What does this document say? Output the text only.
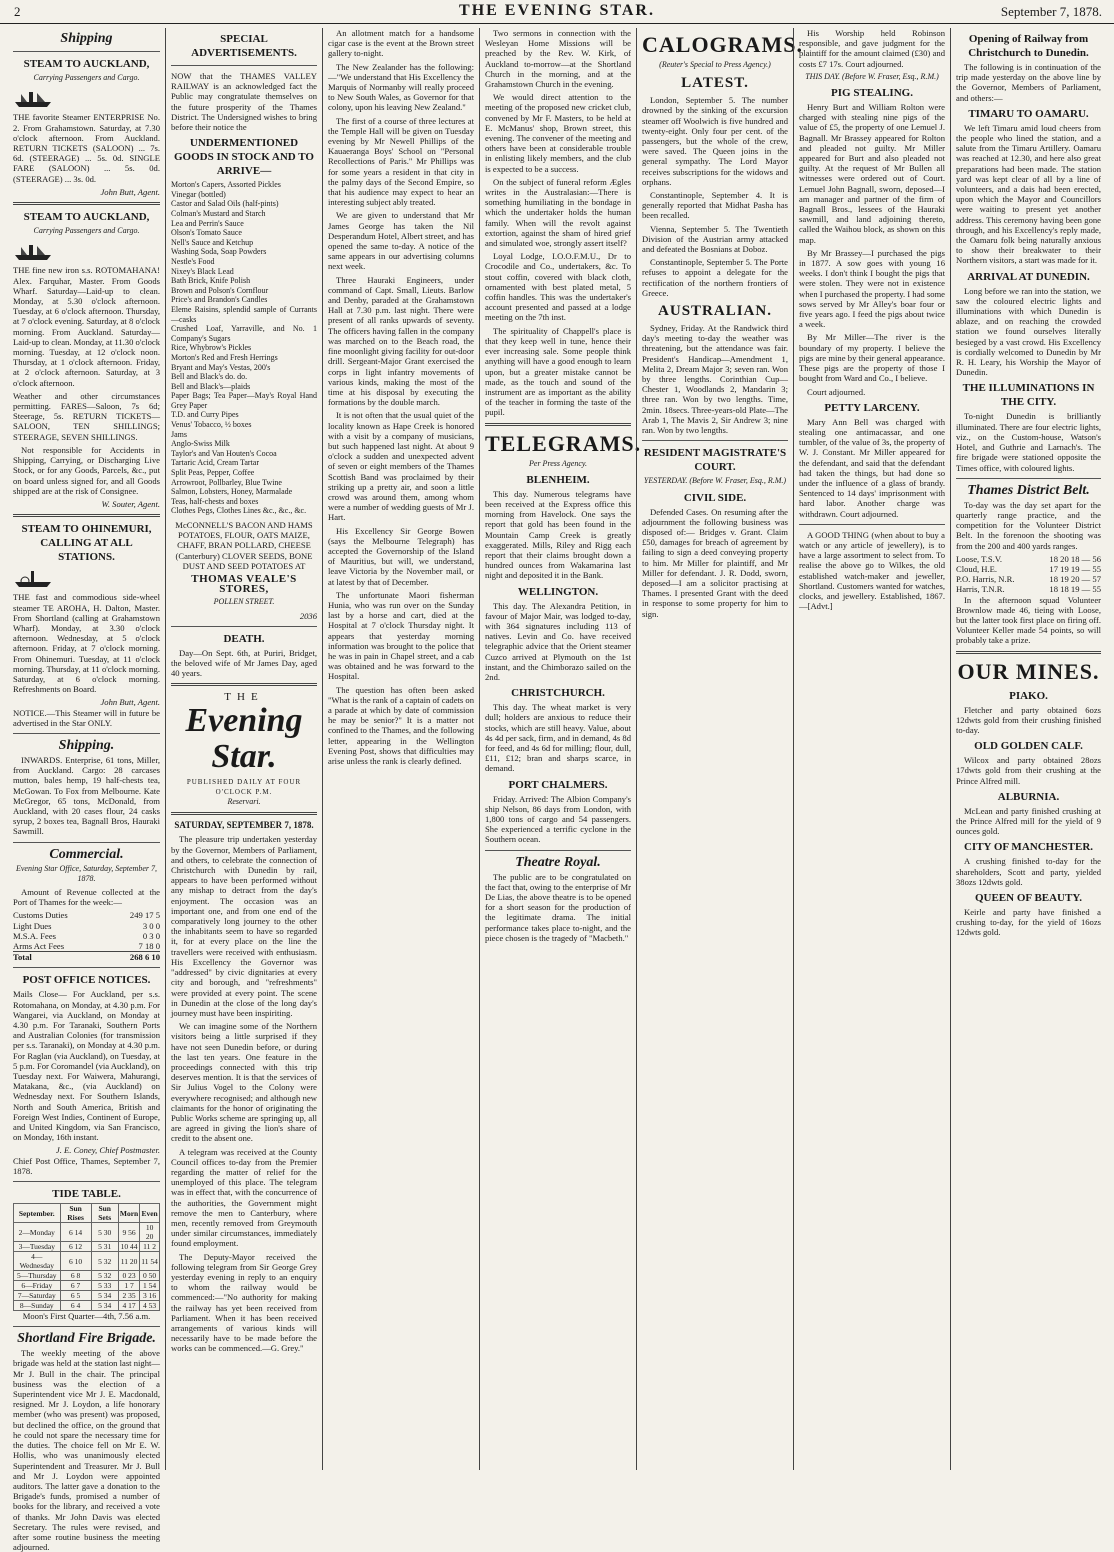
2	THE EVENING STAR.	September 7, 1878.
Shipping
STEAM TO AUCKLAND,
Carrying Passengers and Cargo.

THE favorite Steamer ENTERPRISE No. 2. From Grahamstown. Saturday, at 7.30 o'clock afternoon. From Auckland. RETURN TICKETS (SALOON) ... 7s. 6d. (STEERAGE) ... 5s. 0d. SINGLE FARE (SALOON) ... 5s. 0d. (STEERAGE) ... 3s. 0d.

John Butt, Agent.
STEAM TO AUCKLAND,
Carrying Passengers and Cargo.

THE fine new iron s.s. ROTOMAHANA! Alex. Farquhar, Master. From Goods Wharf. Saturday—Laid-up to clean. Monday, at 5.30 o'clock afternoon. Tuesday, at 6 o'clock afternoon. Thursday, at 7 o'clock evening. Saturday, at 8 o'clock morning. From Auckland. Saturday—Laid-up to clean. Monday, at 11.30 o'clock morning. Tuesday, at 12 o'clock noon. Thursday, at 1 o'clock afternoon. Friday, at 2 o'clock afternoon. Saturday, at 3 o'clock afternoon.

Weather and other circumstances permitting. FARES—Saloon, 7s 6d; Steerage, 5s. RETURN TICKETS—SALOON, TEN SHILLINGS; STEERAGE, SEVEN SHILLINGS.

Not responsible for Accidents in Shipping, Carrying, or Discharging Live Stock, or for any Goods, Parcels, &c., put on board unless signed for, and all Goods shipped are at the risk of Consignee.

W. Souter, Agent.
STEAM TO OHINEMURI, CALLING AT ALL STATIONS.

THE fast and commodious side-wheel steamer TE AROHA, H. Dalton, Master. From Shortland (calling at Grahamstown Wharf). Monday, at 3.30 o'clock afternoon. Wednesday, at 5 o'clock afternoon. Friday, at 7 o'clock morning. From Ohinemuri. Tuesday, at 11 o'clock morning. Thursday, at 11 o'clock morning. Saturday, at 6 o'clock morning. Refreshments on Board.

John Butt, Agent.

NOTICE.—This Steamer will in future be advertised in the Star ONLY.

Shipping.

INWARDS. Enterprise, 61 tons, Miller, from Auckland. Cargo: 28 carcases mutton, bales hemp, 19 half-chests tea, McGowan. To Fox from Melbourne. Kate McGregor, 65 tons, McDonald, from Auckland, with 20 cases flour, 24 casks syrup, 2 boxes tea, Bagnall Bros, Hauraki Sawmill.

Commercial.
Evening Star Office, Saturday, September 7, 1878.

Amount of Revenue collected at the Port of Thames for the week:—

Customs Duties	249 17 5
Light Dues	3 0 0
M.S.A. Fees	0 3 0
Arms Act Fees	7 18 0
Total	268 6 10
POST OFFICE NOTICES.

Mails Close— For Auckland, per s.s. Rotomahana, on Monday, at 4.30 p.m. For Wangarei, via Auckland, on Monday at 4.30 p.m. For Taranaki, Southern Ports and Australian Colonies (for transmission per s.s. Taranaki), on Monday at 4.30 p.m. For Raglan (via Auckland), on Tuesday, at 5 p.m. For Coromandel (via Auckland), on Tuesday next. For Waiwera, Mahurangi, Matakana, &c., (via Auckland) on Wednesday next. For Southern Islands, North and South America, British and Foreign West Indies, Continent of Europe, and United Kingdom, via San Francisco, on Monday, 16th instant.

J. E. Coney, Chief Postmaster.

Chief Post Office, Thames, September 7, 1878.

TIDE TABLE.
September.	Sun Rises	Sun Sets	Morn	Even
2—Monday	6 14	5 30	9 56	10 20
3—Tuesday	6 12	5 31	10 44	11 2
4—Wednesday	6 10	5 32	11 20	11 54
5—Thursday	6 8	5 32	0 23	0 50
6—Friday	6 7	5 33	1 7	1 54
7—Saturday	6 5	5 34	2 35	3 16
8—Sunday	6 4	5 34	4 17	4 53

Moon's First Quarter—4th, 7.56 a.m.

Shortland Fire Brigade.

The weekly meeting of the above brigade was held at the station last night—Mr J. Bull in the chair. The principal business was the election of a Superintendent vice Mr J. E. Macdonald, resigned. Mr J. Loydon, a life honorary member (who was present) was proposed, but declined the office, on the ground that he could not spare the necessary time for the duties. The choice fell on Mr E. W. Hollis, who was unanimously elected Superintendent and Treasurer. Mr J. Bull and Mr J. Loydon were appointed auditors. The latter gave a donation to the Brigade's funds, promised a number of books for the library, and received a vote of thanks. Mr John Davis was elected Secretary. The rules were revised, and after some routine business the meeting adjourned.

SPECIAL ADVERTISEMENTS.

NOW that the THAMES VALLEY RAILWAY is an acknowledged fact the Public may congratulate themselves on the future prosperity of the Thames District. The Undersigned wishes to bring before their notice the

UNDERMENTIONED GOODS IN STOCK AND TO ARRIVE—
Morton's Capers, Assorted Pickles
Vinegar (bottled)
Castor and Salad Oils (half-pints)
Colman's Mustard and Starch
Lea and Perrin's Sauce
Olson's Tomato Sauce
Nell's Sauce and Ketchup
Washing Soda, Soap Powders
Nestle's Food
Nixey's Black Lead
Bath Brick, Knife Polish
Brown and Polson's Cornflour
Price's and Brandon's Candles
Eleme Raisins, splendid sample of Currants—casks
Crushed Loaf, Yarraville, and No. 1 Company's Sugars
Rice, Whybrow's Pickles
Morton's Red and Fresh Herrings
Bryant and May's Vestas, 200's
Bell and Black's do. do.
Bell and Black's—plaids
Paper Bags; Tea Paper—May's Royal Hand Grey Paper
T.D. and Curry Pipes
Venus' Tobacco, ½ boxes
Jams
Anglo-Swiss Milk
Taylor's and Van Houten's Cocoa
Tartaric Acid, Cream Tartar
Split Peas, Pepper, Coffee
Arrowroot, Pollbarley, Blue Twine
Salmon, Lobsters, Honey, Marmalade
Teas, half-chests and boxes
Clothes Pegs, Clothes Lines &c., &c., &c.

McCONNELL'S BACON AND HAMS POTATOES, FLOUR, OATS MAIZE, CHAFF, BRAN POLLARD, CHEESE (Canterbury) CLOVER SEEDS, BONE DUST AND SEED POTATOES AT

THOMAS VEALE'S STORES,
POLLEN STREET.
2036
DEATH.

Day—On Sept. 6th, at Puriri, Bridget, the beloved wife of Mr James Day, aged 40 years.

THE
Evening Star.
PUBLISHED DAILY AT FOUR O'CLOCK P.M.
Reservari.
SATURDAY, SEPTEMBER 7, 1878.

The pleasure trip undertaken yesterday by the Governor, Members of Parliament, and others, to celebrate the connection of Christchurch with Dunedin by rail, appears to have been performed without any mishap to detract from the day's enjoyment. The occasion was an important one, and from one end of the comparatively long journey to the other the inhabitants seem to have so regarded it, for at every place on the line the travellers were received with enthusiasm. His Excellency the Governor was "addressed" by civic dignitaries at every city and borough, and "refreshments" were provided at every point. The scene in Dunedin at the close of the long day's journey must have been inspiriting.

We can imagine some of the Northern visitors being a little surprised if they have not seen Dunedin before, or during the last ten years. One feature in the proceedings connected with this trip deserves mention. It is that the services of Sir Julius Vogel to the Colony were everywhere recognised; and although new claimants for the honor of originating the Public Works scheme are springing up, all are agreed in giving the lion's share of credit to the absent one.

A telegram was received at the County Council offices to-day from the Premier regarding the matter of relief for the unemployed of this place. The telegram was in effect that, with the concurrence of the authorities, the Government might remove the men to Canterbury, where men, recently removed from Greymouth under similar circumstances, immediately found employment.

The Deputy-Mayor received the following telegram from Sir George Grey yesterday evening in reply to an enquiry to whom the railway would be commenced:—"No authority for making the railway has yet been received from Parliament. When it has been received arrangements of various kinds will necessarily have to be made before the works can be commenced.—G. Grey."

An allotment match for a handsome cigar case is the event at the Brown street gallery to-night.

The New Zealander has the following:—"We understand that His Excellency the Marquis of Normanby will really proceed to New South Wales, as Governor for that colony, upon his leaving New Zealand."

The first of a course of three lectures at the Temple Hall will be given on Tuesday evening by Mr Newell Phillips of the Kauaeranga Boys' School on "Personal Recollections of Paris." Mr Phillips was for some years a resident in that city in the palmy days of the Second Empire, so that his audience may expect to hear an interesting subject ably treated.

We are given to understand that Mr James George has taken the Nil Desperandum Hotel, Albert street, and has opened the same to-day. A notice of the same appears in our advertising columns next week.

Three Hauraki Engineers, under command of Capt. Small, Lieuts. Barlow and Denby, paraded at the Grahamstown Hall at 7.30 p.m. last night. There were present of all ranks upwards of seventy. The officers having fallen in the company was marched on to the Beach road, the fine moonlight giving facility for out-door drill. Sergeant-Major Grant exercised the corps in light infantry movements of various kinds, making the most of the time at his disposal by executing the formations by the double march.

It is not often that the usual quiet of the locality known as Hape Creek is honored with a visit by a company of musicians, but such happened last night. At about 9 o'clock a sudden and unexpected advent of seven or eight members of the Thames Scottish Band was proclaimed by their striking up a pretty air, and soon a little crowd was around them, among whom were a number of wedding guests of Mr J. Hart.

His Excellency Sir George Bowen (says the Melbourne Telegraph) has accepted the Governorship of the Island of Mauritius, but will, we understand, leave Victoria by the November mail, or at latest by that of December.

The unfortunate Maori fisherman Hunia, who was run over on the Sunday last by a horse and cart, died at the Hospital at 7 o'clock Thursday night. It appears that yesterday morning information was brought to the police that he was in pain in Chapel street, and a cab was obtained and he was forward to the Hospital.

The question has often been asked "What is the rank of a captain of cadets on a parade at which by date of commission he may be senior?" It is a matter not confined to the Thames, and the following letter, appearing in the Wellington Evening Post, shows that difficulties may arise unless the rank is clearly defined.

Two sermons in connection with the Wesleyan Home Missions will be preached by the Rev. W. Kirk, of Auckland to-morrow—at the Shortland Church in the morning, and at the Grahamstown Church in the evening.

We would direct attention to the meeting of the proposed new cricket club, convened by Mr F. Masters, to be held at E. McManus' shop, Brown street, this evening. The convener of the meeting and others have been at considerable trouble in enlisting likely members, and the club is expected to be a success.

On the subject of funeral reform Ægles writes in the Australasian:—There is something humiliating in the bondage in which the undertaker holds the human family. When will the revolt against extortion, against the sham of hired grief and simulated woe, strongly assert itself?

Loyal Lodge, I.O.O.F.M.U., Dr to Crocodile and Co., undertakers, &c. To stout coffin, covered with black cloth, ornamented with best plated metal, 5 coffin handles. This was the undertaker's account presented and passed at a lodge meeting on the 7th inst.

The spirituality of Chappell's place is that they keep well in tune, hence their ever increasing sale. Some people think anything will have a good enough to learn upon, but a greater mistake cannot be made, as the touch and sound of the instrument are as important as the ability of the teacher in forming the taste of the pupil.

TELEGRAMS.
Per Press Agency.
BLENHEIM.

This day. Numerous telegrams have been received at the Express office this morning from Havelock. One says the report that gold has been found in the Mountain Camp Creek is greatly exaggerated. Mills, Riley and Rigg each report that their claims brought down a hundred ounces from Wakamarina last night and deposited it in the Bank.

WELLINGTON.

This day. The Alexandra Petition, in favour of Major Mair, was lodged to-day, with 364 signatures including 113 of natives. Levin and Co. have received telegraphic advice that the Orient steamer Cuzco arrived at Plymouth on the 1st instant, and the Chimborazo sailed on the 2nd.

CHRISTCHURCH.

This day. The wheat market is very dull; holders are anxious to reduce their stocks, which are still heavy. Value, about 4s 4d per sack, firm, and in demand, 4s 8d for feed, and 4s 6d for milling; flour, dull, £11, £12; bran and sharps scarce, in demand.

PORT CHALMERS.

Friday. Arrived: The Albion Company's ship Nelson, 86 days from London, with 1,800 tons of cargo and 54 passengers. She experienced a terrific cyclone in the Southern ocean.

Theatre Royal.

The public are to be congratulated on the fact that, owing to the enterprise of Mr De Lias, the above theatre is to be opened for a short season for the production of the legitimate drama. The initial performance takes place to-night, and the piece chosen is the tragedy of "Macbeth."

CALOGRAMS.
(Reuter's Special to Press Agency.)
LATEST.

London, September 5. The number drowned by the sinking of the excursion steamer off Woolwich is five hundred and twenty-eight. Only four per cent. of the passengers, but the whole of the crew, were saved. The Queen joins in the general sympathy. The Lord Mayor receives subscriptions for the widows and orphans.

Constantinople, September 4. It is generally reported that Midhat Pasha has been recalled.

Vienna, September 5. The Twentieth Division of the Austrian army attacked and defeated the Bosnians at Doboz.

Constantinople, September 5. The Porte refuses to appoint a delegate for the rectification of the northern frontiers of Greece.

AUSTRALIAN.

Sydney, Friday. At the Randwick third day's meeting to-day the weather was threatening, but the attendance was fair. President's Handicap—Amendment 1, Melita 2, Dream Major 3; seven ran. Won by three lengths. Corinthian Cup—Chester 1, Woodlands 2, Mandarin 3; three ran. Won by two lengths. Time, 2min. 18secs. Three-years-old Plate—The Arab 1, The Mavis 2, Sir Andrew 3; nine ran. Won by two lengths.

RESIDENT MAGISTRATE'S COURT.
YESTERDAY. (Before W. Fraser, Esq., R.M.)
CIVIL SIDE.

Defended Cases. On resuming after the adjournment the following business was disposed of:— Bridges v. Grant. Claim £50, damages for breach of agreement by failing to sign a deed conveying property to him. Mr Miller for plaintiff, and Mr Miller for defendant. J. R. Dodd, sworn, deposed—I am a solicitor practising at Thames. I presented Grant with the deed in response to some property for him to sign.

His Worship held Robinson responsible, and gave judgment for the plaintiff for the amount claimed (£30) and costs £7 17s. Court adjourned.

THIS DAY. (Before W. Fraser, Esq., R.M.)
PIG STEALING.

Henry Burt and William Rolton were charged with stealing nine pigs of the value of £5, the property of one Lemuel J. Bagnall. Mr Brassey appeared for Rolton and pleaded not guilty. Mr Miller appeared for Burt and also pleaded not guilty. At the request of Mr Bullen all witnesses were ordered out of Court. Lemuel John Bagnall, sworn, deposed—I am manager and partner of the firm of Bagnall Bros., lessees of the Hauraki sawmill, and land adjoining thereto, called the Waihou block, as shown on this map.

By Mr Brassey—I purchased the pigs in 1877. A sow goes with young 16 weeks. I don't think I bought the pigs that were stolen. They were not in existence when I purchased the property. I had some sows served by Mr Alley's boar four or five years ago. I feed the pigs about twice a week.

By Mr Miller—The river is the boundary of my property. I believe the pigs are mine by their general appearance. These pigs are the property of those I bought from Ward and Co., I believe.

Court adjourned.

PETTY LARCENY.

Mary Ann Bell was charged with stealing one antimacassar, and one tumbler, of the value of 3s, the property of W. J. Constant. Mr Miller appeared for the defendant, and said that the defendant had taken the things, but had done so under the influence of a glass of brandy. Sentenced to 14 days' imprisonment with hard labor. Another charge was withdrawn. Court adjourned.

A GOOD THING (when about to buy a watch or any article of jewellery), is to have a large assortment to select from. To realise the above go to Wilkes, the old established watch-maker and jeweller, Shortland. Customers wanted for watches, clocks, and jewellery. Established, 1867.—[Advt.]

Opening of Railway from Christchurch to Dunedin.

The following is in continuation of the trip made yesterday on the above line by the Governor, Members of Parliament, and others:—

TIMARU TO OAMARU.

We left Timaru amid loud cheers from the people who lined the station, and a salute from the Timaru Artillery. Oamaru was reached at 12.30, and here also great preparations had been made. The station yard was kept clear of all by a line of volunteers, and a dais had been erected, upon which the Mayor and Councillors were waiting to present yet another address. This ceremony having been gone through, and his Excellency's reply made, the Oamaru folk being naturally anxious to show their breakwater to their Northern visitors, a start was made for it.

ARRIVAL AT DUNEDIN.

Long before we ran into the station, we saw the coloured electric lights and illuminations with which Dunedin is ablaze, and on reaching the crowded station we found ourselves literally besieged by a vast crowd. His Excellency is cordially welcomed to Dunedin by Mr R. H. Leary, his Worship the Mayor of Dunedin.

THE ILLUMINATIONS IN THE CITY.

To-night Dunedin is brilliantly illuminated. There are four electric lights, viz., on the Custom-house, Watson's Hotel, and Guthrie and Larnach's. The fire brigade were stationed opposite the Times office, with coloured lights.

Thames District Belt.

To-day was the day set apart for the quarterly range practice, and the competition for the Volunteer District Belt. In the forenoon the shooting was from the 200 and 400 yards ranges.

Loose, T.S.V.	18 20 18 — 56
Cloud, H.E.	17 19 19 — 55
P.O. Harris, N.R.	18 19 20 — 57
Harris, T.N.R.	18 18 19 — 55

In the afternoon squad Volunteer Brownlow made 46, tieing with Loose, but the latter took first place on firing off. Volunteer Keller made 54 points, so will probably take a prize.

OUR MINES.
PIAKO.

Fletcher and party obtained 6ozs 12dwts gold from their crushing finished to-day.

OLD GOLDEN CALF.

Wilcox and party obtained 28ozs 17dwts gold from their crushing at the Prince Alfred mill.

ALBURNIA.

McLean and party finished crushing at the Prince Alfred mill for the yield of 9 ounces gold.

CITY OF MANCHESTER.

A crushing finished to-day for the shareholders, Scott and party, yielded 38ozs 12dwts gold.

QUEEN OF BEAUTY.

Keirle and party have finished a crushing to-day, for the yield of 16ozs 12dwts gold.
